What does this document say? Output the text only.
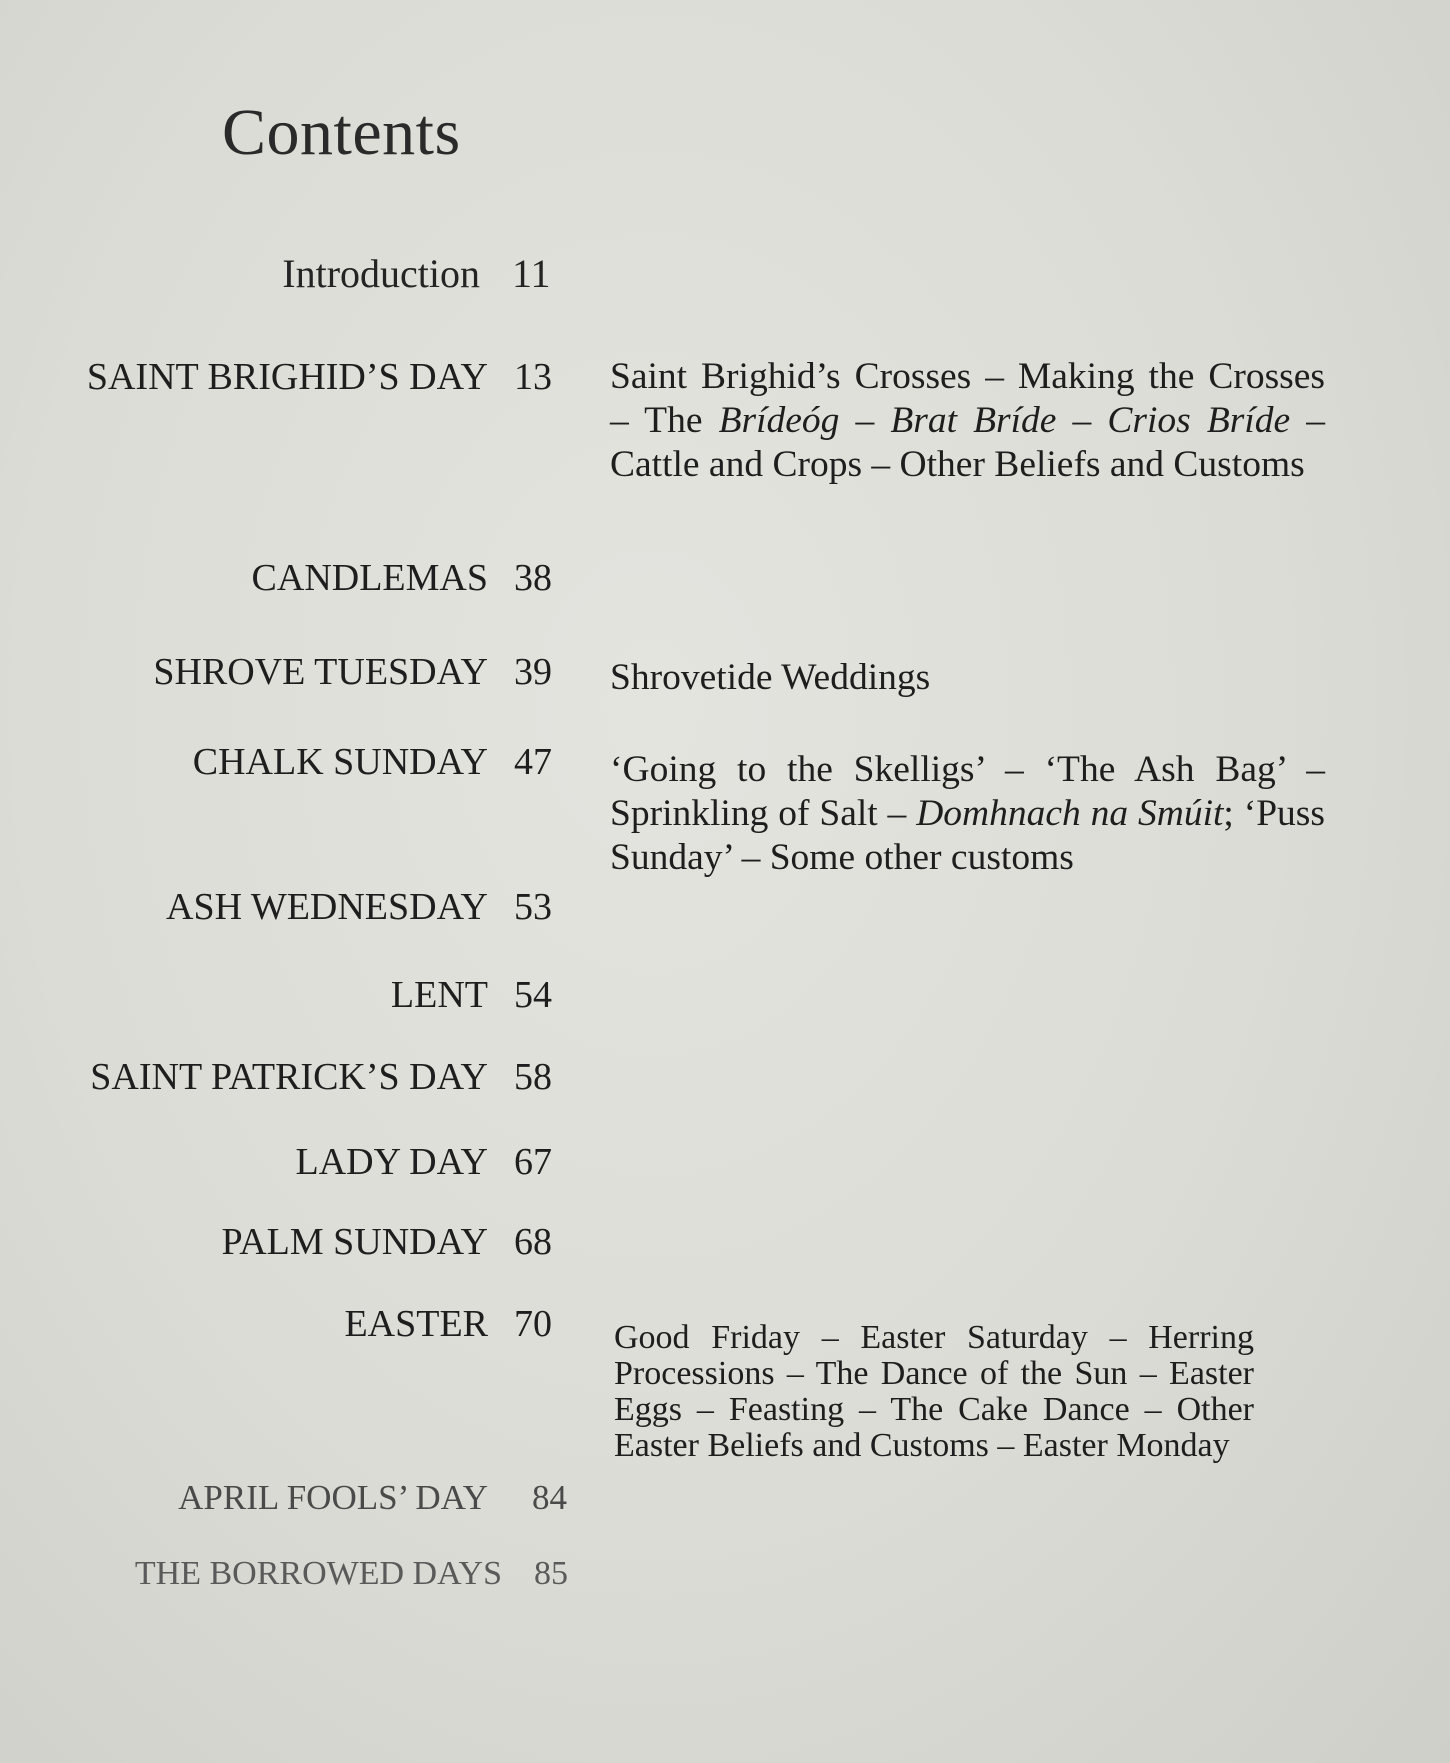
Contents
Introduction 11
SAINT BRIGHID’S DAY 13 Saint Brighid’s Crosses – Making the Crosses – The Brídeóg – Brat Bríde – Crios Bríde – Cattle and Crops – Other Beliefs and Customs
CANDLEMAS 38
SHROVE TUESDAY 39 Shrovetide Weddings
CHALK SUNDAY 47 ‘Going to the Skelligs’ – ‘The Ash Bag’ – Sprinkling of Salt – Domhnach na Smúit; ‘Puss Sunday’ – Some other customs
ASH WEDNESDAY 53
LENT 54
SAINT PATRICK’S DAY 58
LADY DAY 67
PALM SUNDAY 68
EASTER 70 Good Friday – Easter Saturday – Herring Processions – The Dance of the Sun – Easter Eggs – Feasting – The Cake Dance – Other Easter Beliefs and Customs – Easter Monday
APRIL FOOLS’ DAY 84
THE BORROWED DAYS 85
